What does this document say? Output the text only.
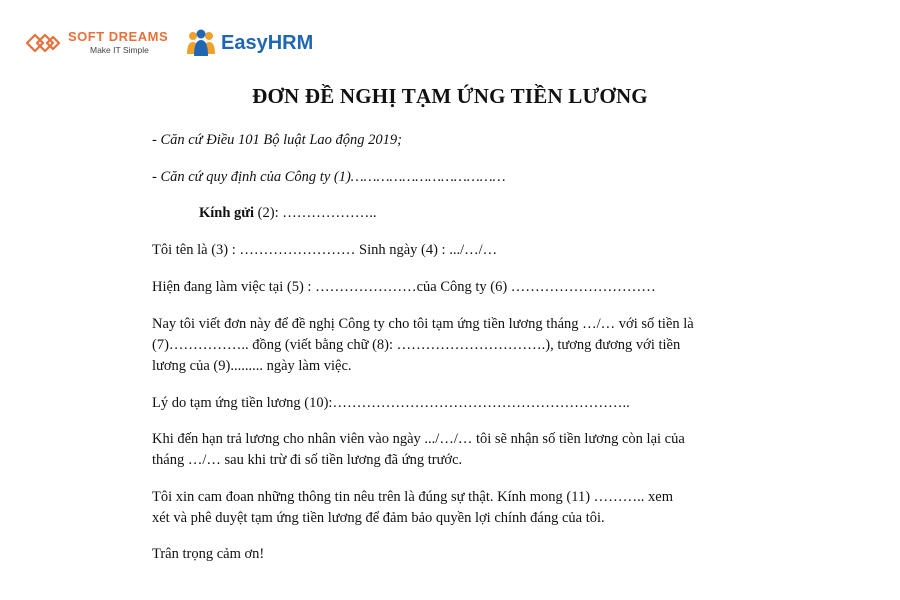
SOFT DREAMS
Make IT Simple	EasyHRM
ĐƠN ĐỀ NGHỊ TẠM ỨNG TIỀN LƯƠNG
- Căn cứ Điều 101 Bộ luật Lao động 2019;
- Căn cứ quy định của Công ty (1)………………………………
Kính gửi (2): ………………..
Tôi tên là (3) : …………………… Sinh ngày (4) : .../…/…
Hiện đang làm việc tại (5) : …………………của Công ty (6) …………………………
Nay tôi viết đơn này để đề nghị Công ty cho tôi tạm ứng tiền lương tháng …/… với số tiền là
(7)…………….. đồng (viết bằng chữ (8): ………………………….), tương đương với tiền
lương của (9)......... ngày làm việc.
Lý do tạm ứng tiền lương (10):……………………………………………………..
Khi đến hạn trả lương cho nhân viên vào ngày .../…/… tôi sẽ nhận số tiền lương còn lại của
tháng …/… sau khi trừ đi số tiền lương đã ứng trước.
Tôi xin cam đoan những thông tin nêu trên là đúng sự thật. Kính mong (11) ……….. xem
xét và phê duyệt tạm ứng tiền lương để đảm bảo quyền lợi chính đáng của tôi.
Trân trọng cảm ơn!
